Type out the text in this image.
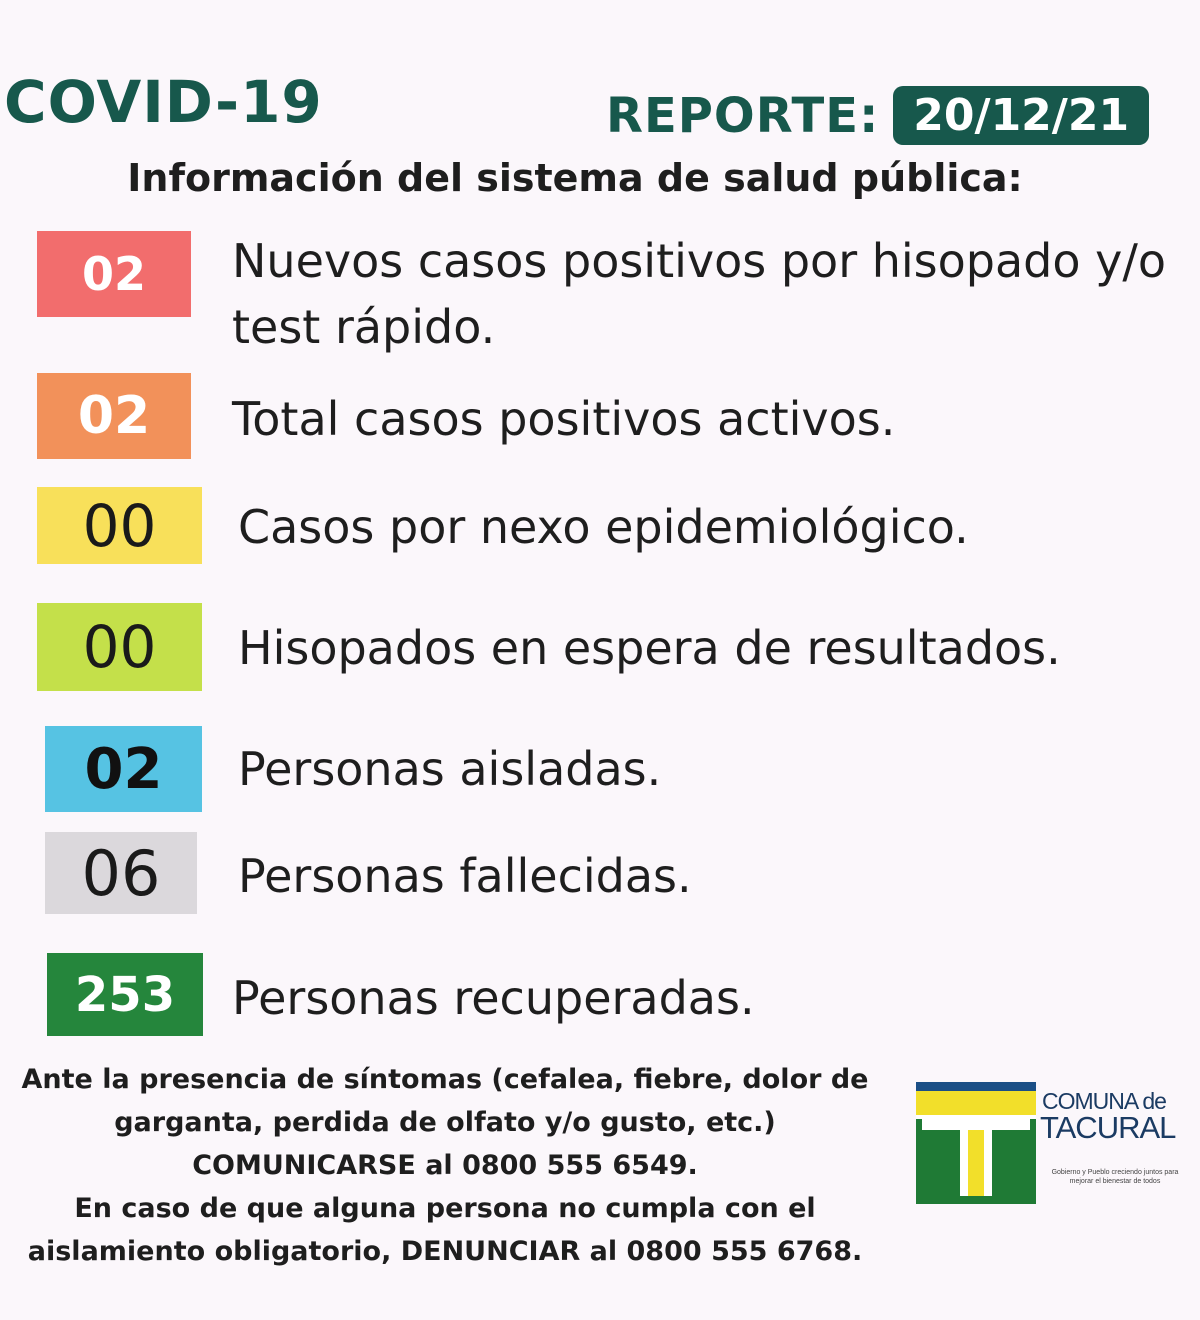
COVID-19	REPORTE: 20/12/21
Información del sistema de salud pública:
02	Nuevos casos positivos por hisopado y/o
test rápido.
02	Total casos positivos activos.
00	Casos por nexo epidemiológico.
00	Hisopados en espera de resultados.
02	Personas aisladas.
06	Personas fallecidas.
253	Personas recuperadas.
Ante la presencia de síntomas (cefalea, fiebre, dolor de
garganta, perdida de olfato y/o gusto, etc.)
COMUNICARSE al 0800 555 6549.
En caso de que alguna persona no cumpla con el
aislamiento obligatorio, DENUNCIAR al 0800 555 6768.
COMUNA de
TACURAL
Gobierno y Pueblo creciendo juntos para mejorar el bienestar de todos
